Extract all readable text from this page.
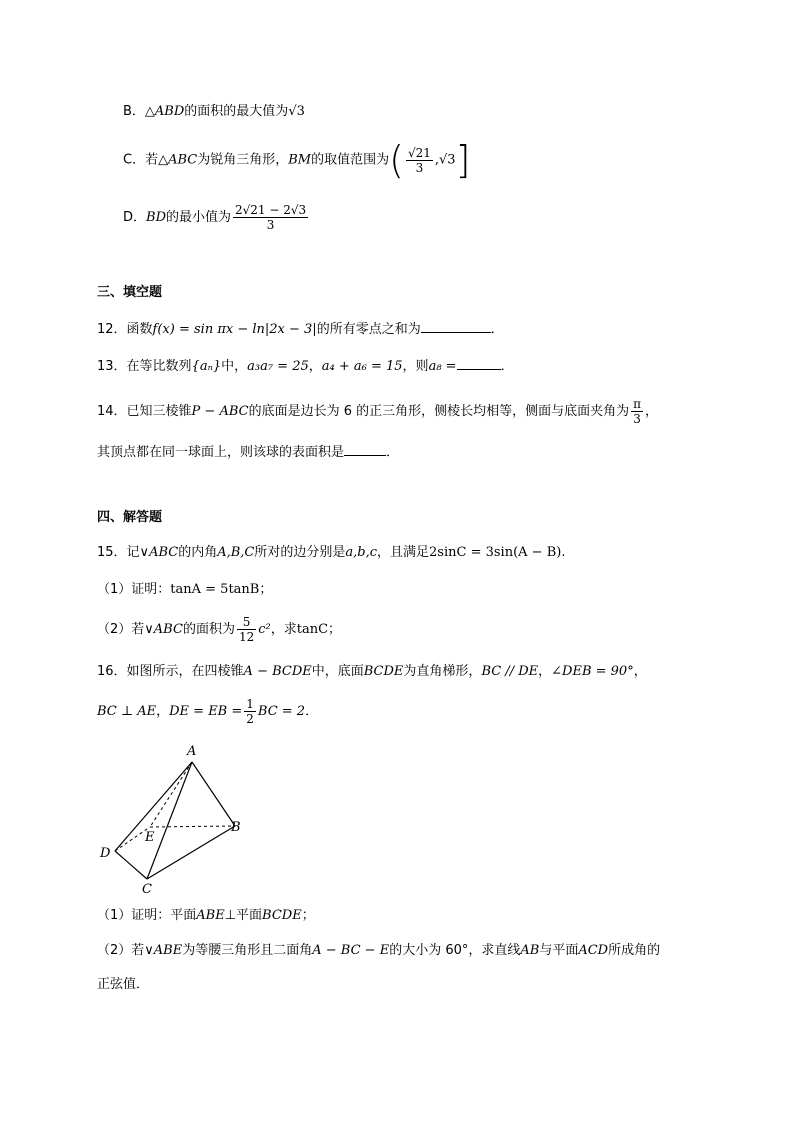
B．△ABD的面积的最大值为√3
C．若△ABC为锐角三角形，BM的取值范围为( $\frac{√21}{3} ,√3$]
D．BD的最小值为 $\frac{2√21 - 2√3}{3}$
三、填空题
12．函数f(x) = sin πx − ln|2x − 3|的所有零点之和为	．
13．在等比数列{aₙ}中，a₃a₇ = 25，a₄ + a₆ = 15，则a₈ =	．
14．已知三棱锥P − ABC的底面是边长为 6 的正三角形，侧棱长均相等，侧面与底面夹角为 $\frac{\pi}{3}$ ，
其顶点都在同一球面上，则该球的表面积是	．
四、解答题
15．记∨ABC的内角A,B,C所对的边分别是a,b,c，且满足2sinC = 3sin(A − B).
（1）证明：tanA = 5tanB；
（2）若∨ABC的面积为 $\frac{5}{12} c^2$，求tanC；
16．如图所示，在四棱锥A − BCDE中，底面BCDE为直角梯形，BC // DE，∠DEB = 90°，
BC ⊥ AE，DE = EB = $\frac{1}{2}$ BC = 2．
A
B
C
D
E
（1）证明：平面ABE⊥平面BCDE；
（2）若∨ABE为等腰三角形且二面角A − BC − E的大小为 60°，求直线AB与平面ACD所成角的
正弦值．
